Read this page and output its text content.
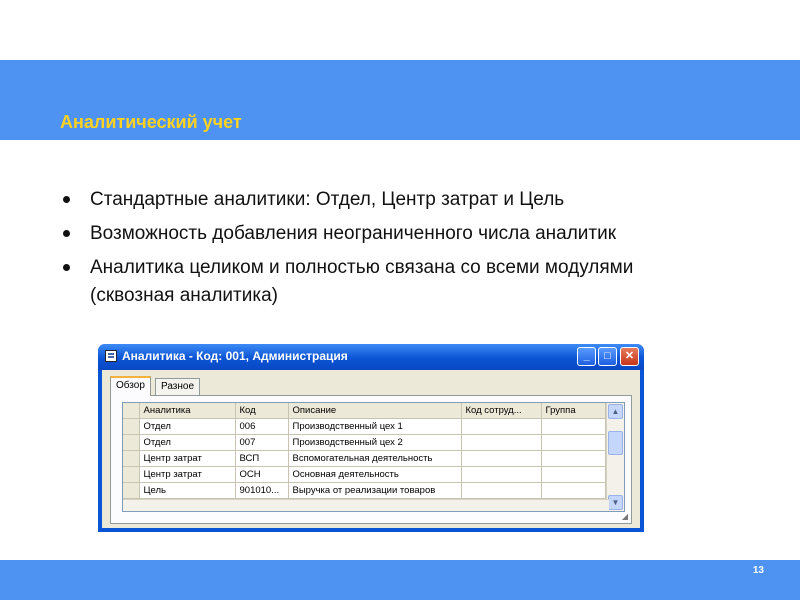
Аналитический учет
Стандартные аналитики: Отдел, Центр затрат и Цель
Возможность добавления неограниченного числа аналитик
Аналитика целиком и полностью связана со всеми модулями (сквозная аналитика)
Аналитика - Код: 001, Администрация	_	□	✕
Обзор	Разное
	Аналитика	Код	Описание	Код сотруд...	Группа
	Отдел	006	Производственный цех 1		
	Отдел	007	Производственный цех 2		
	Центр затрат	ВСП	Вспомогательная деятельность		
	Центр затрат	ОСН	Основная деятельность		
	Цель	901010...	Выручка от реализации товаров		
▲
▼
◢
13
